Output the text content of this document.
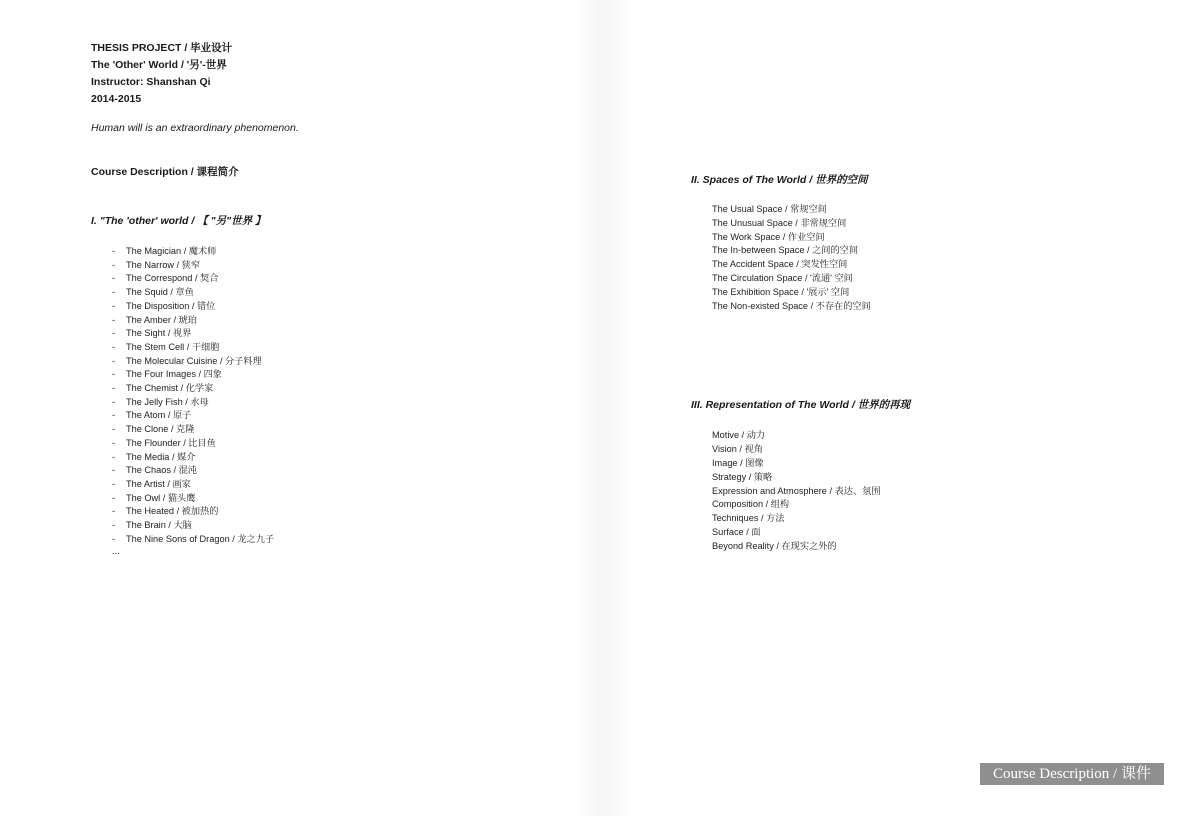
THESIS PROJECT / 毕业设计

The 'Other' World / '另'-世界

Instructor: Shanshan Qi

2014-2015

Human will is an extraordinary phenomenon.

Course Description / 课程简介

I. "The 'other' world / 【 "另"世界 】

- The Magician / 魔术师
- The Narrow / 狭窄
- The Correspond / 契合
- The Squid / 章鱼
- The Disposition / 错位
- The Amber / 琥珀
- The Sight / 视界
- The Stem Cell / 干细胞
- The Molecular Cuisine / 分子料理
- The Four Images / 四象
- The Chemist / 化学家
- The Jelly Fish / 水母
- The Atom / 原子
- The Clone / 克隆
- The Flounder / 比目鱼
- The Media / 媒介
- The Chaos / 混沌
- The Artist / 画家
- The Owl / 猫头鹰
- The Heated / 被加热的
- The Brain / 大脑
- The Nine Sons of Dragon / 龙之九子
...

II. Spaces of The World / 世界的空间

The Usual Space / 常规空间
The Unusual Space / 非常规空间
The Work Space / 作业空间
The In-between Space / 之间的空间
The Accident Space / 突发性空间
The Circulation Space / '流通' 空间
The Exhibition Space / '展示' 空间
The Non-existed Space / 不存在的空间

III. Representation of The World / 世界的再现

Motive / 动力
Vision / 视角
Image / 图像
Strategy / 策略
Expression and Atmosphere / 表达、氛围
Composition / 组构
Techniques / 方法
Surface / 面
Beyond Reality / 在现实之外的
Course Description / 课件
